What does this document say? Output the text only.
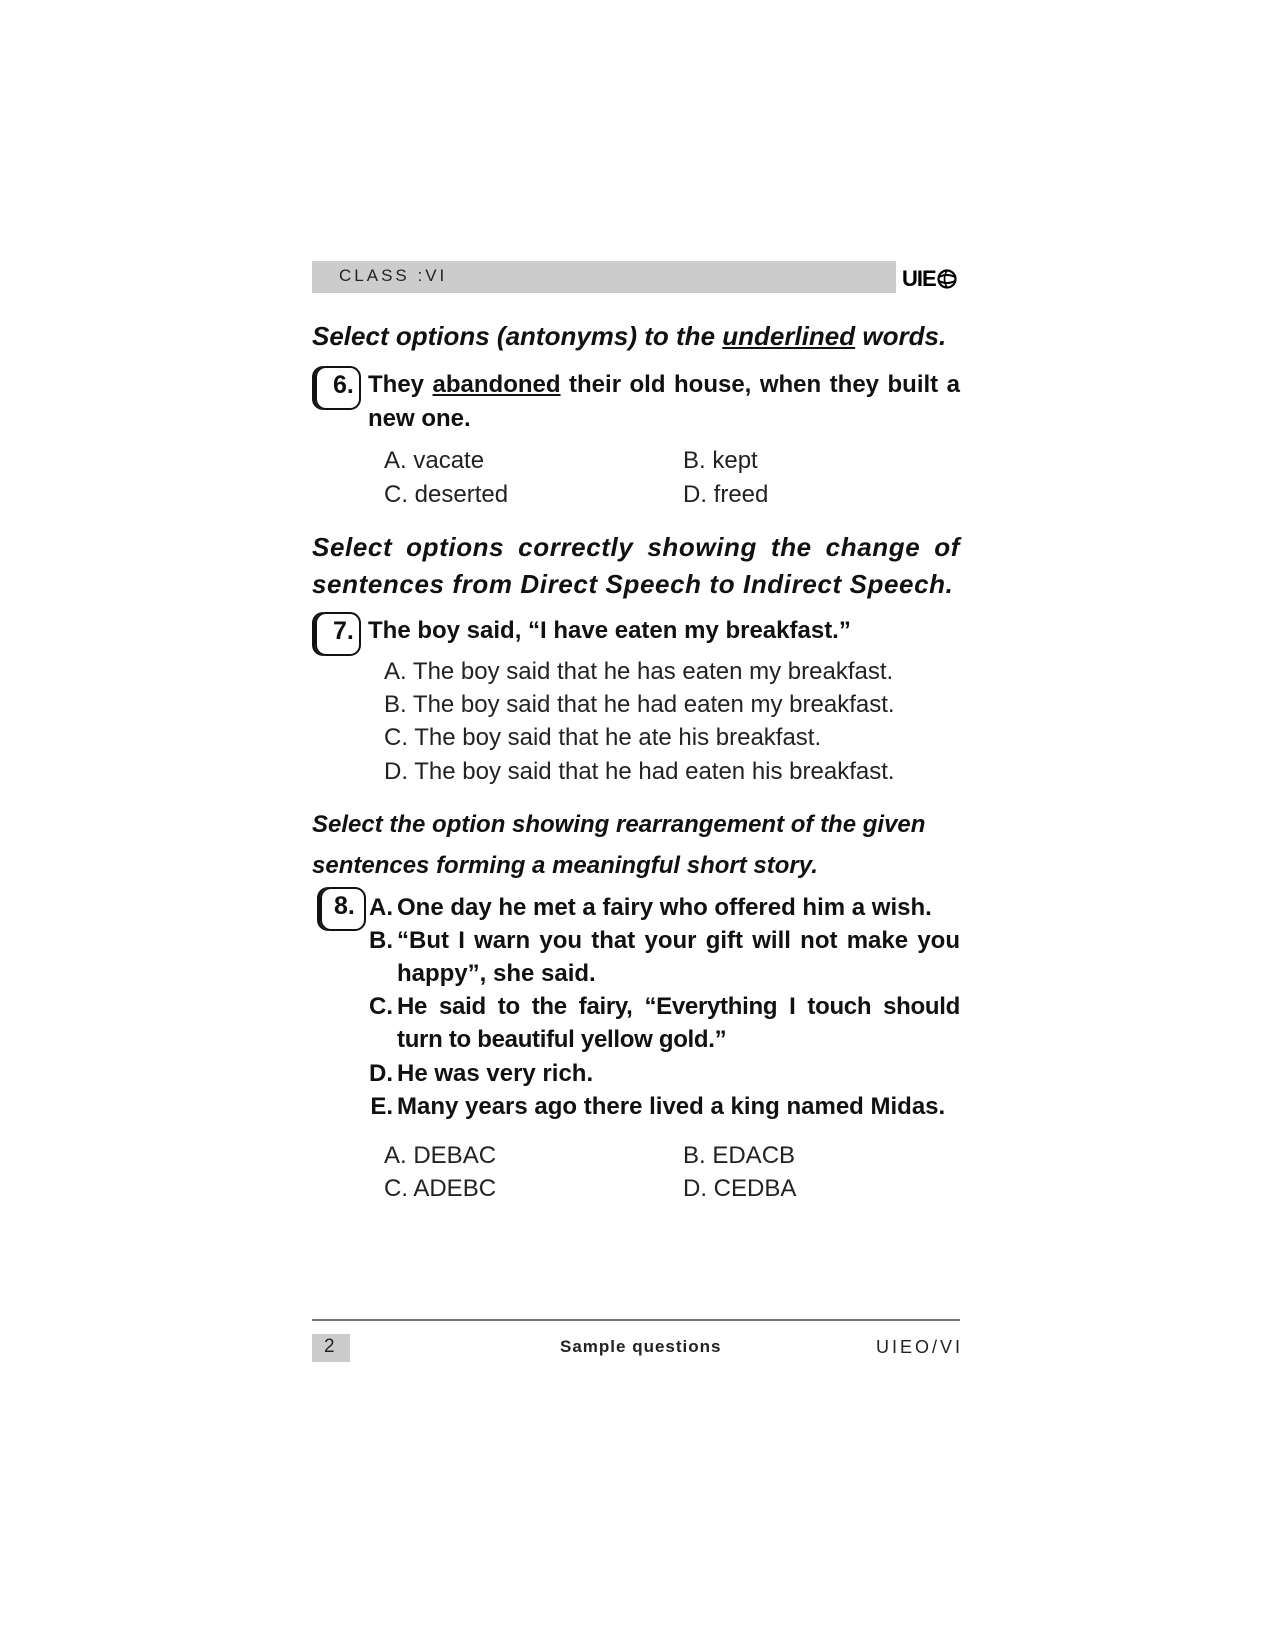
CLASS :VI	UIE
Select options (antonyms) to the underlined words.
6. They abandoned their old house, when they built a new one.
A. vacate	B. kept
C. deserted	D. freed
Select options correctly showing the change of sentences from Direct Speech to Indirect Speech.
7. The boy said, “I have eaten my breakfast.”
A. The boy said that he has eaten my breakfast.
B. The boy said that he had eaten my breakfast.
C. The boy said that he ate his breakfast.
D. The boy said that he had eaten his breakfast.
Select the option showing rearrangement of the given
sentences forming a meaningful short story.
8. A. One day he met a fairy who offered him a wish.
B. “But I warn you that your gift will not make you happy”, she said.
C. He said to the fairy, “Everything I touch should turn to beautiful yellow gold.”
D. He was very rich.
E. Many years ago there lived a king named Midas.
A. DEBAC	B. EDACB
C. ADEBC	D. CEDBA
2	Sample questions	UIEO/VI
